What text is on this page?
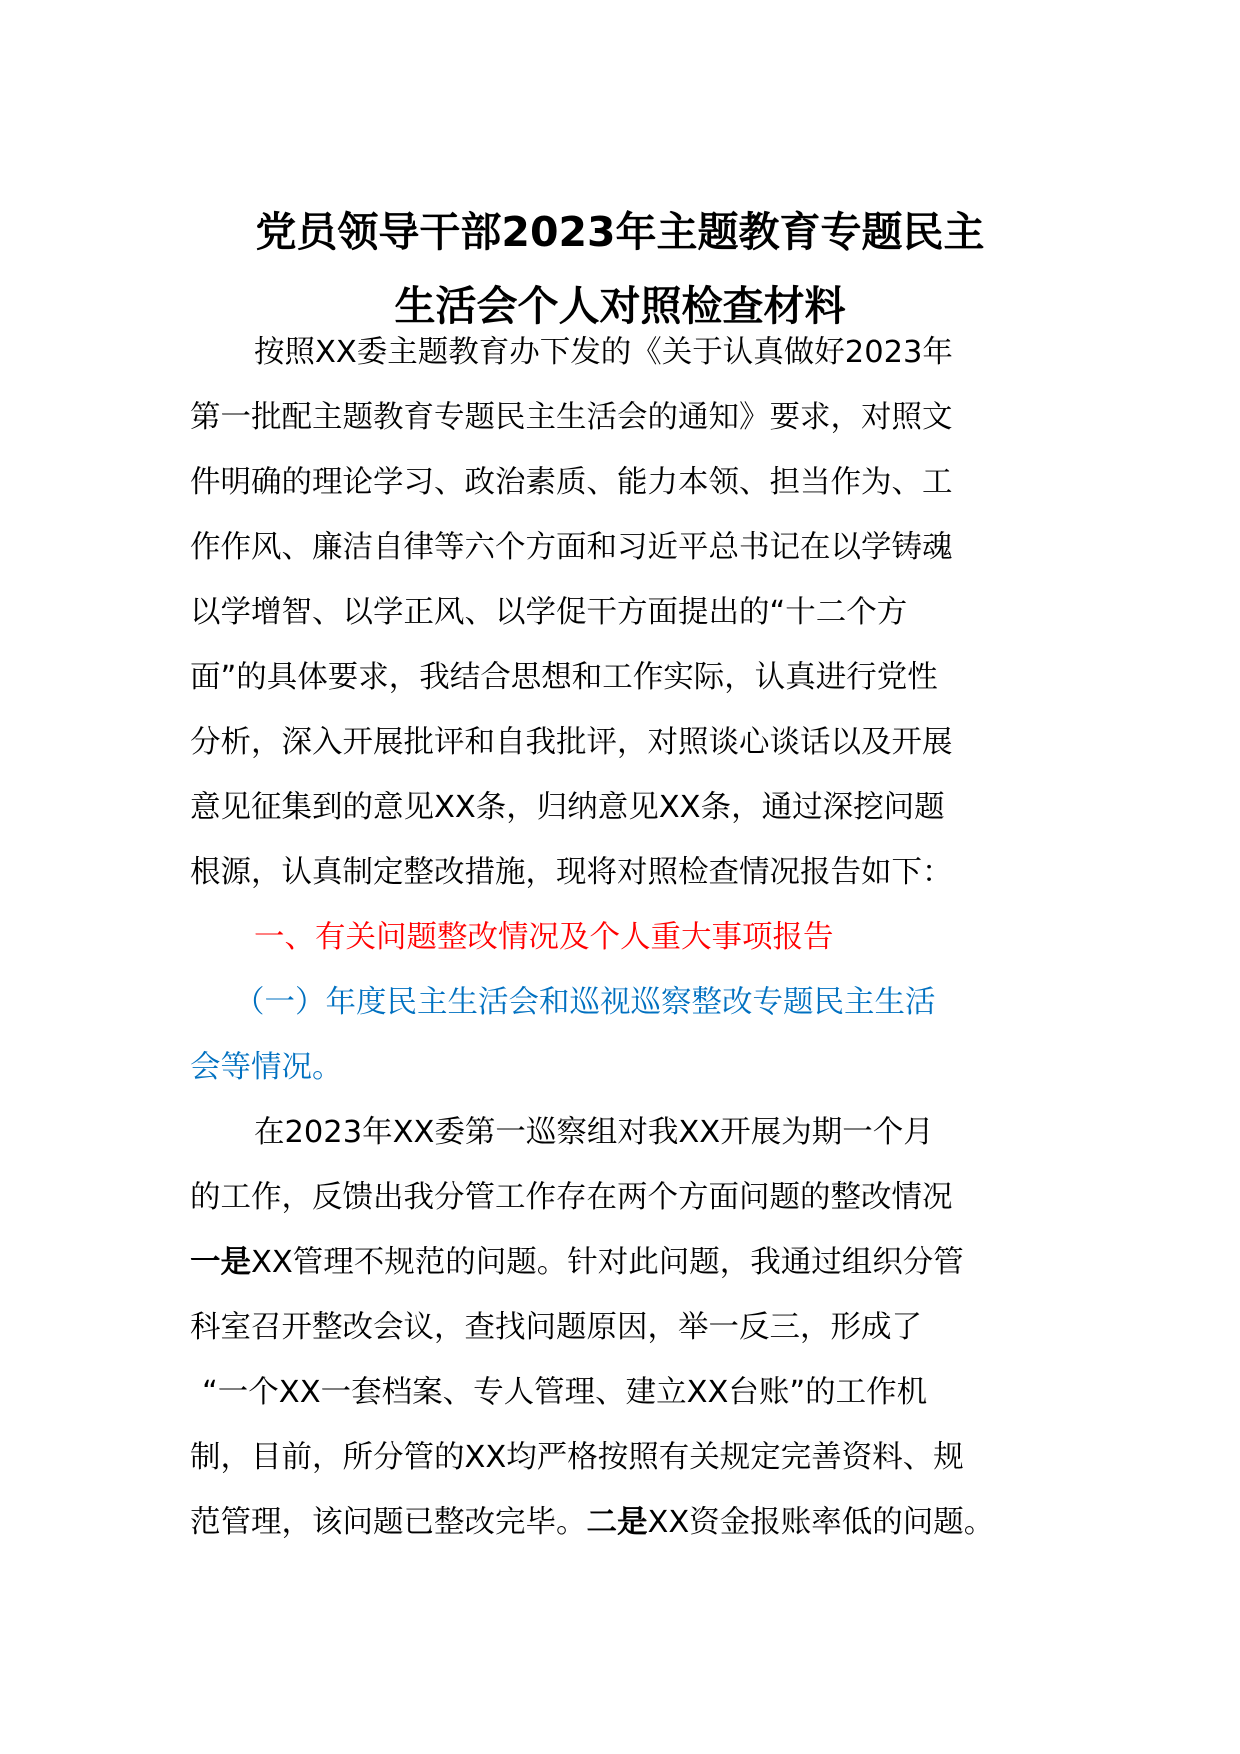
党员领导干部2023年主题教育专题民主
生活会个人对照检查材料
按照XX委主题教育办下发的《关于认真做好2023年
第一批配主题教育专题民主生活会的通知》要求，对照文
件明确的理论学习、政治素质、能力本领、担当作为、工
作作风、廉洁自律等六个方面和习近平总书记在以学铸魂
以学增智、以学正风、以学促干方面提出的“十二个方
面”的具体要求，我结合思想和工作实际，认真进行党性
分析，深入开展批评和自我批评，对照谈心谈话以及开展
意见征集到的意见XX条，归纳意见XX条，通过深挖问题
根源，认真制定整改措施，现将对照检查情况报告如下：
一、有关问题整改情况及个人重大事项报告
（一）年度民主生活会和巡视巡察整改专题民主生活
会等情况。
在2023年XX委第一巡察组对我XX开展为期一个月
的工作，反馈出我分管工作存在两个方面问题的整改情况
一是XX管理不规范的问题。针对此问题，我通过组织分管
科室召开整改会议，查找问题原因，举一反三，形成了
“一个XX一套档案、专人管理、建立XX台账”的工作机
制，目前，所分管的XX均严格按照有关规定完善资料、规
范管理，该问题已整改完毕。二是XX资金报账率低的问题。
